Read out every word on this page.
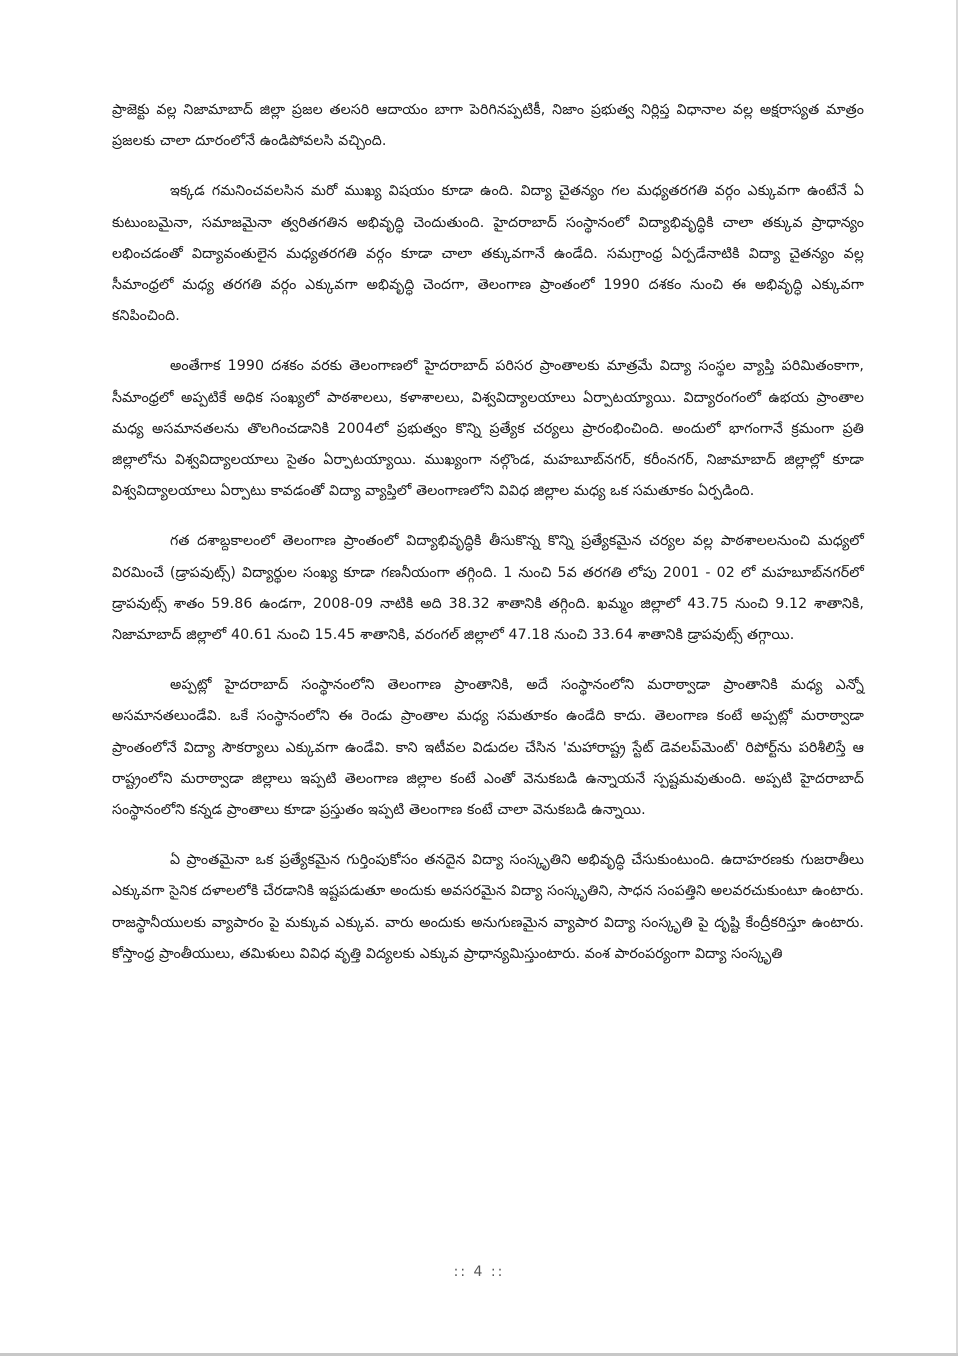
ప్రాజెక్టు వల్ల నిజామాబాద్ జిల్లా ప్రజల తలసరి ఆదాయం బాగా పెరిగినప్పటికీ, నిజాం ప్రభుత్వ నిర్లిప్త విధానాల వల్ల అక్షరాస్యత మాత్రం ప్రజలకు చాలా దూరంలోనే ఉండిపోవలసి వచ్చింది.

ఇక్కడ గమనించవలసిన మరో ముఖ్య విషయం కూడా ఉంది. విద్యా చైతన్యం గల మధ్యతరగతి వర్గం ఎక్కువగా ఉంటేనే ఏ కుటుంబమైనా, సమాజమైనా త్వరితగతిన అభివృద్ధి చెందుతుంది. హైదరాబాద్ సంస్థానంలో విద్యాభివృద్ధికి చాలా తక్కువ ప్రాధాన్యం లభించడంతో విద్యావంతులైన మధ్యతరగతి వర్గం కూడా చాలా తక్కువగానే ఉండేది. సమగ్రాంధ్ర ఏర్పడేనాటికి విద్యా చైతన్యం వల్ల సీమాంధ్రలో మధ్య తరగతి వర్గం ఎక్కువగా అభివృద్ధి చెందగా, తెలంగాణ ప్రాంతంలో 1990 దశకం నుంచి ఈ అభివృద్ధి ఎక్కువగా కనిపించింది.

అంతేగాక 1990 దశకం వరకు తెలంగాణలో హైదరాబాద్ పరిసర ప్రాంతాలకు మాత్రమే విద్యా సంస్థల వ్యాప్తి పరిమితంకాగా, సీమాంధ్రలో అప్పటికే అధిక సంఖ్యలో పాఠశాలలు, కళాశాలలు, విశ్వవిద్యాలయాలు ఏర్పాటయ్యాయి. విద్యారంగంలో ఉభయ ప్రాంతాల మధ్య అసమానతలను తొలగించడానికి 2004లో ప్రభుత్వం కొన్ని ప్రత్యేక చర్యలు ప్రారంభించింది. అందులో భాగంగానే క్రమంగా ప్రతి జిల్లాలోను విశ్వవిద్యాలయాలు సైతం ఏర్పాటయ్యాయి. ముఖ్యంగా నల్గొండ, మహబూబ్‌నగర్, కరీంనగర్, నిజామాబాద్ జిల్లాల్లో కూడా విశ్వవిద్యాలయాలు ఏర్పాటు కావడంతో విద్యా వ్యాప్తిలో తెలంగాణలోని వివిధ జిల్లాల మధ్య ఒక సమతూకం ఏర్పడింది.

గత దశాబ్దకాలంలో తెలంగాణ ప్రాంతంలో విద్యాభివృద్ధికి తీసుకొన్న కొన్ని ప్రత్యేకమైన చర్యల వల్ల పాఠశాలలనుంచి మధ్యలో విరమించే (డ్రాపవుట్స్) విద్యార్థుల సంఖ్య కూడా గణనీయంగా తగ్గింది. 1 నుంచి 5వ తరగతి లోపు 2001 - 02 లో మహబూబ్‌నగర్‌లో డ్రాపవుట్స్ శాతం 59.86 ఉండగా, 2008-09 నాటికి అది 38.32 శాతానికి తగ్గింది. ఖమ్మం జిల్లాలో 43.75 నుంచి 9.12 శాతానికి, నిజామాబాద్ జిల్లాలో 40.61 నుంచి 15.45 శాతానికి, వరంగల్ జిల్లాలో 47.18 నుంచి 33.64 శాతానికి డ్రాపవుట్స్ తగ్గాయి.

అప్పట్లో హైదరాబాద్ సంస్థానంలోని తెలంగాణ ప్రాంతానికి, అదే సంస్థానంలోని మరాఠ్వాడా ప్రాంతానికి మధ్య ఎన్నో అసమానతలుండేవి. ఒకే సంస్థానంలోని ఈ రెండు ప్రాంతాల మధ్య సమతూకం ఉండేది కాదు. తెలంగాణ కంటే అప్పట్లో మరాఠ్వాడా ప్రాంతంలోనే విద్యా సౌకర్యాలు ఎక్కువగా ఉండేవి. కాని ఇటీవల విడుదల చేసిన 'మహారాష్ట్ర స్టేట్ డెవలప్‌మెంట్' రిపోర్ట్‌ను పరిశీలిస్తే ఆ రాష్ట్రంలోని మరాఠ్వాడా జిల్లాలు ఇప్పటి తెలంగాణ జిల్లాల కంటే ఎంతో వెనుకబడి ఉన్నాయనే స్పష్టమవుతుంది. అప్పటి హైదరాబాద్ సంస్థానంలోని కన్నడ ప్రాంతాలు కూడా ప్రస్తుతం ఇప్పటి తెలంగాణ కంటే చాలా వెనుకబడి ఉన్నాయి.

ఏ ప్రాంతమైనా ఒక ప్రత్యేకమైన గుర్తింపుకోసం తనదైన విద్యా సంస్కృతిని అభివృద్ధి చేసుకుంటుంది. ఉదాహరణకు గుజరాతీలు ఎక్కువగా సైనిక దళాలలోకి చేరడానికి ఇష్టపడుతూ అందుకు అవసరమైన విద్యా సంస్కృతిని, సాధన సంపత్తిని అలవరచుకుంటూ ఉంటారు. రాజస్థానీయులకు వ్యాపారం పై మక్కువ ఎక్కువ. వారు అందుకు అనుగుణమైన వ్యాపార విద్యా సంస్కృతి పై దృష్టి కేంద్రీకరిస్తూ ఉంటారు. కోస్తాంధ్ర ప్రాంతీయులు, తమిళులు వివిధ వృత్తి విద్యలకు ఎక్కువ ప్రాధాన్యమిస్తుంటారు. వంశ పారంపర్యంగా విద్యా సంస్కృతి

:: 4 ::
